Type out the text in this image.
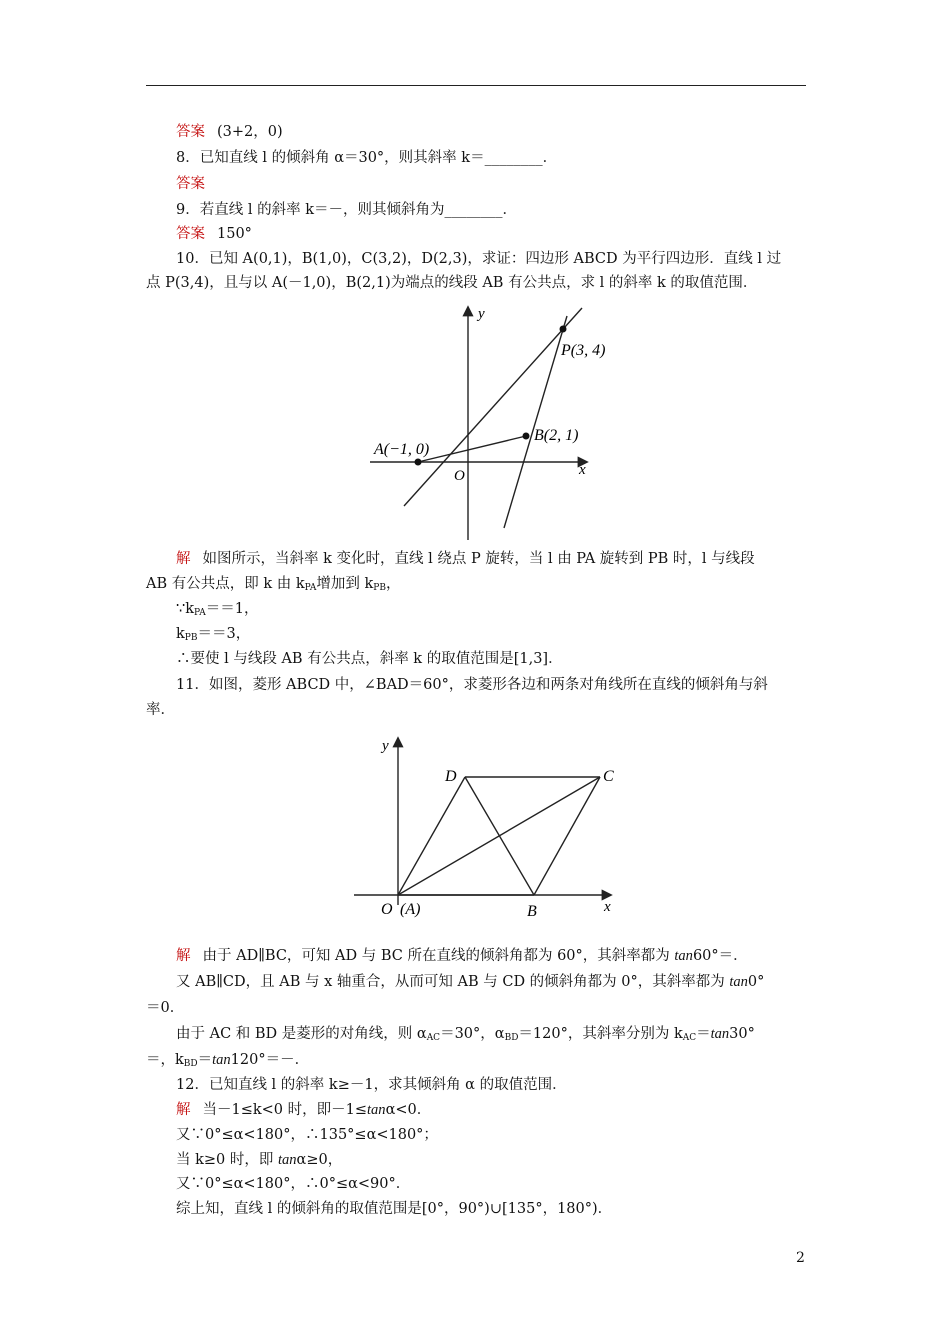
答案 (3+2，0)
8．已知直线 l 的倾斜角 α＝30°，则其斜率 k＝________．
答案
9．若直线 l 的斜率 k＝－，则其倾斜角为________．
答案 150°
10．已知 A(0,1)，B(1,0)，C(3,2)，D(2,3)，求证：四边形 ABCD 为平行四边形．直线 l 过
点 P(3,4)，且与以 A(－1,0)，B(2,1)为端点的线段 AB 有公共点，求 l 的斜率 k 的取值范围．
y
x
O
A(−1, 0)
B(2, 1)
P(3, 4)
解 如图所示，当斜率 k 变化时，直线 l 绕点 P 旋转，当 l 由 PA 旋转到 PB 时，l 与线段
AB 有公共点，即 k 由 $k_{PA}$增加到 $k_{PB}$，
$\because k_{PA}==1$，
$k_{PB}==3$，
∴要使 l 与线段 AB 有公共点，斜率 k 的取值范围是[1,3]．
11．如图，菱形 ABCD 中，∠BAD＝60°，求菱形各边和两条对角线所在直线的倾斜角与斜
率．
y
x
O (A)	B
C
D
解 由于 AD∥BC，可知 AD 与 BC 所在直线的倾斜角都为 60°，其斜率都为 tan60°＝．
又 AB∥CD，且 AB 与 x 轴重合，从而可知 AB 与 CD 的倾斜角都为 0°，其斜率都为 tan0°
＝0．
由于 AC 和 BD 是菱形的对角线，则 $\alpha_{AC}=30^\circ$，$\alpha_{BD}=120^\circ$，其斜率分别为 $k_{AC}=\tan 30^\circ$
＝，$k_{BD}=\tan 120^\circ=-$．
12．已知直线 l 的斜率 k≥－1，求其倾斜角 α 的取值范围．
解 当－1≤k<0 时，即－1≤tanα<0．
又∵0°≤α<180°，∴135°≤α<180°；
当 k≥0 时，即 tanα≥0，
又∵0°≤α<180°，∴0°≤α<90°．
综上知，直线 l 的倾斜角的取值范围是[0°，90°)∪[135°，180°)．
2
